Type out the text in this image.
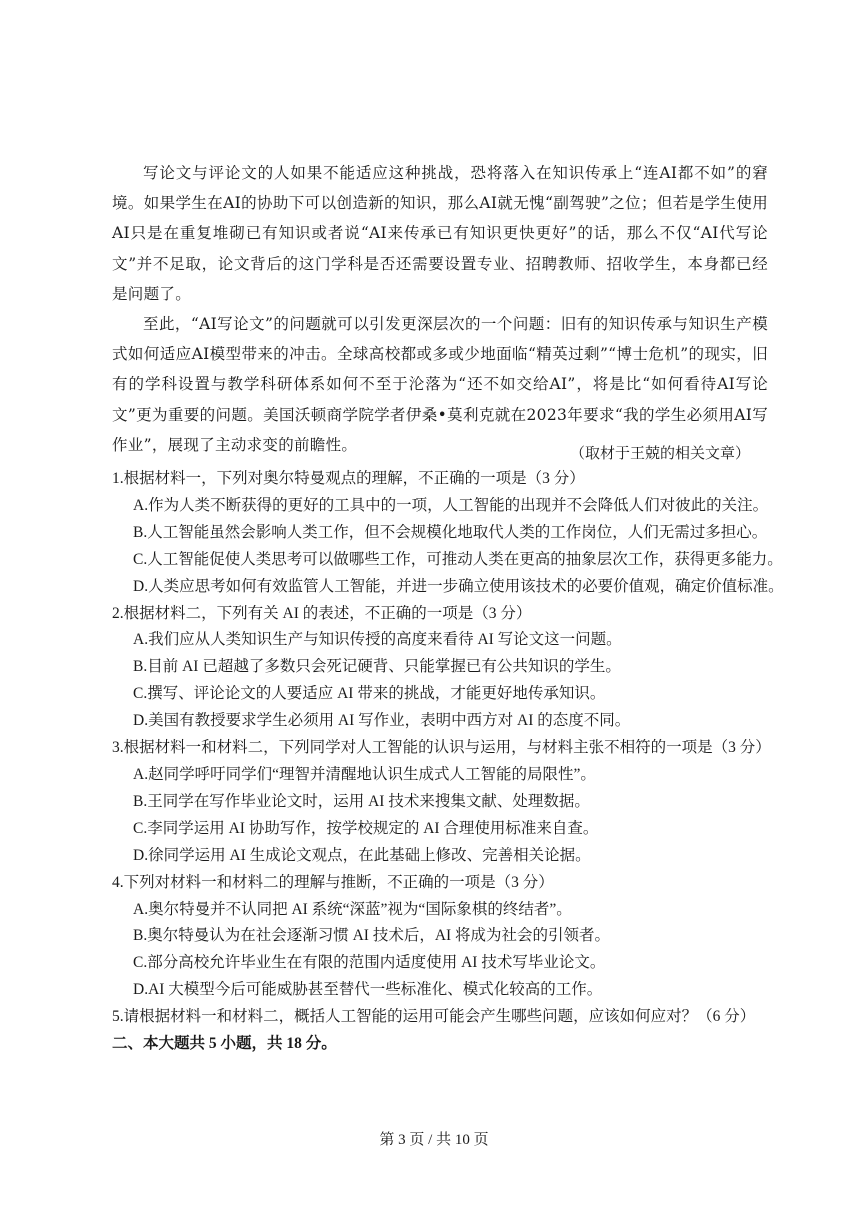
写论文与评论文的人如果不能适应这种挑战，恐将落入在知识传承上“连AI都不如”的窘境。如果学生在AI的协助下可以创造新的知识，那么AI就无愧“副驾驶”之位；但若是学生使用AI只是在重复堆砌已有知识或者说“AI来传承已有知识更快更好”的话，那么不仅“AI代写论文”并不足取，论文背后的这门学科是否还需要设置专业、招聘教师、招收学生，本身都已经是问题了。

至此，“AI写论文”的问题就可以引发更深层次的一个问题：旧有的知识传承与知识生产模式如何适应AI模型带来的冲击。全球高校都或多或少地面临“精英过剩”“博士危机”的现实，旧有的学科设置与教学科研体系如何不至于沦落为“还不如交给AI”，将是比“如何看待AI写论文”更为重要的问题。美国沃顿商学院学者伊桑•莫利克就在2023年要求“我的学生必须用AI写作业”，展现了主动求变的前瞻性。	（取材于王兢的相关文章）
1.根据材料一，下列对奥尔特曼观点的理解，不正确的一项是（3 分）
A.作为人类不断获得的更好的工具中的一项，人工智能的出现并不会降低人们对彼此的关注。
B.人工智能虽然会影响人类工作，但不会规模化地取代人类的工作岗位，人们无需过多担心。
C.人工智能促使人类思考可以做哪些工作，可推动人类在更高的抽象层次工作，获得更多能力。
D.人类应思考如何有效监管人工智能，并进一步确立使用该技术的必要价值观，确定价值标准。
2.根据材料二，下列有关 AI 的表述，不正确的一项是（3 分）
A.我们应从人类知识生产与知识传授的高度来看待 AI 写论文这一问题。
B.目前 AI 已超越了多数只会死记硬背、只能掌握已有公共知识的学生。
C.撰写、评论论文的人要适应 AI 带来的挑战，才能更好地传承知识。
D.美国有教授要求学生必须用 AI 写作业，表明中西方对 AI 的态度不同。
3.根据材料一和材料二，下列同学对人工智能的认识与运用，与材料主张不相符的一项是（3 分）
A.赵同学呼吁同学们“理智并清醒地认识生成式人工智能的局限性”。
B.王同学在写作毕业论文时，运用 AI 技术来搜集文献、处理数据。
C.李同学运用 AI 协助写作，按学校规定的 AI 合理使用标准来自查。
D.徐同学运用 AI 生成论文观点，在此基础上修改、完善相关论据。
4.下列对材料一和材料二的理解与推断，不正确的一项是（3 分）
A.奥尔特曼并不认同把 AI 系统“深蓝”视为“国际象棋的终结者”。
B.奥尔特曼认为在社会逐渐习惯 AI 技术后，AI 将成为社会的引领者。
C.部分高校允许毕业生在有限的范围内适度使用 AI 技术写毕业论文。
D.AI 大模型今后可能威胁甚至替代一些标准化、模式化较高的工作。
5.请根据材料一和材料二，概括人工智能的运用可能会产生哪些问题，应该如何应对？（6 分）
二、本大题共 5 小题，共 18 分。
第 3 页 / 共 10 页
